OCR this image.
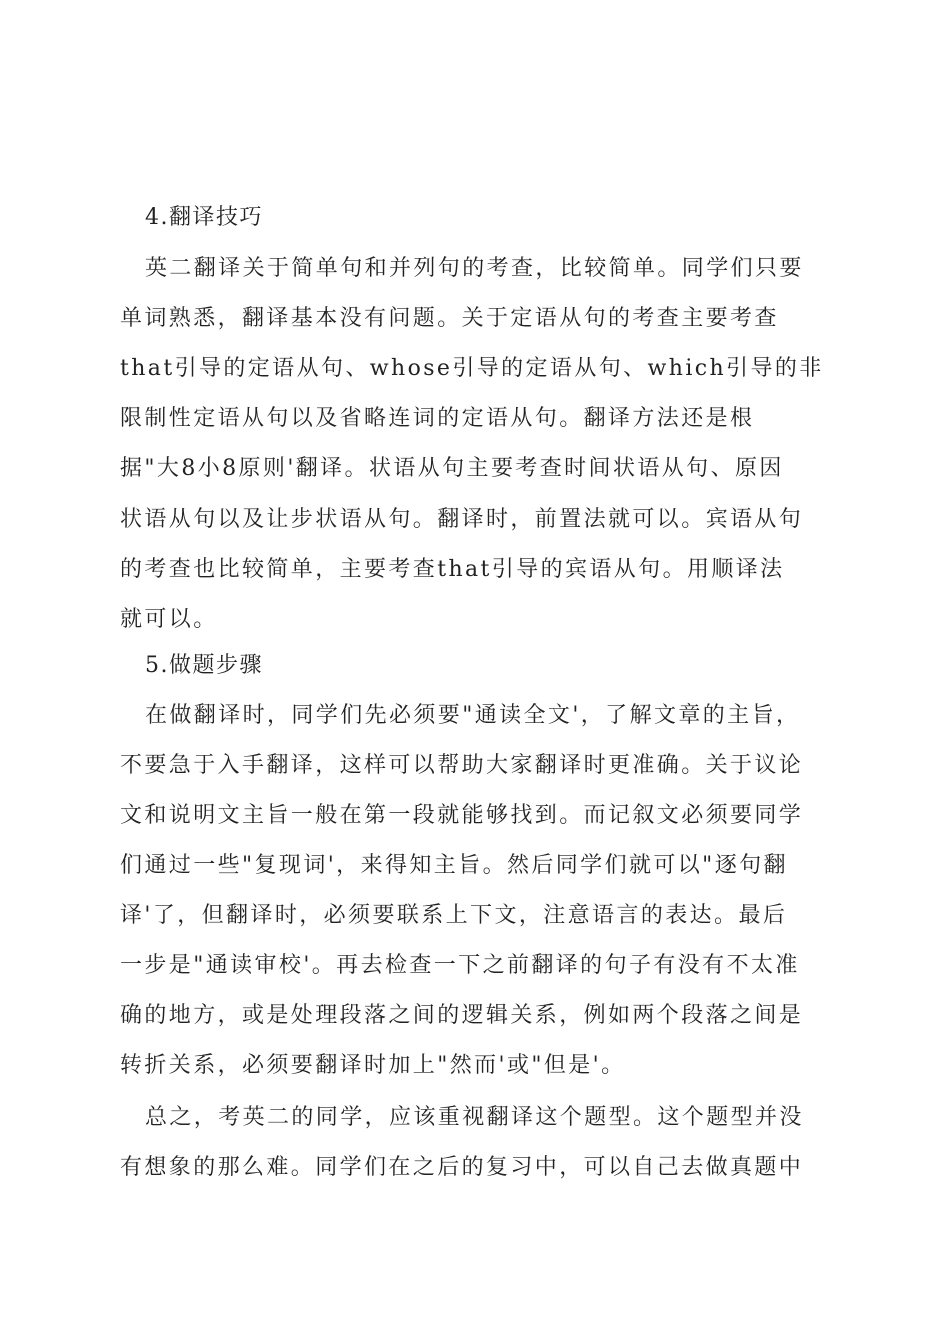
4.翻译技巧
英二翻译关于简单句和并列句的考查，比较简单。同学们只要
单词熟悉，翻译基本没有问题。关于定语从句的考查主要考查
that引导的定语从句、whose引导的定语从句、which引导的非
限制性定语从句以及省略连词的定语从句。翻译方法还是根
据"大8小8原则'翻译。状语从句主要考查时间状语从句、原因
状语从句以及让步状语从句。翻译时，前置法就可以。宾语从句
的考查也比较简单，主要考查that引导的宾语从句。用顺译法
就可以。
5.做题步骤
在做翻译时，同学们先必须要"通读全文'，了解文章的主旨，
不要急于入手翻译，这样可以帮助大家翻译时更准确。关于议论
文和说明文主旨一般在第一段就能够找到。而记叙文必须要同学
们通过一些"复现词'，来得知主旨。然后同学们就可以"逐句翻
译'了，但翻译时，必须要联系上下文，注意语言的表达。最后
一步是"通读审校'。再去检查一下之前翻译的句子有没有不太准
确的地方，或是处理段落之间的逻辑关系，例如两个段落之间是
转折关系，必须要翻译时加上"然而'或"但是'。
总之，考英二的同学，应该重视翻译这个题型。这个题型并没
有想象的那么难。同学们在之后的复习中，可以自己去做真题中
